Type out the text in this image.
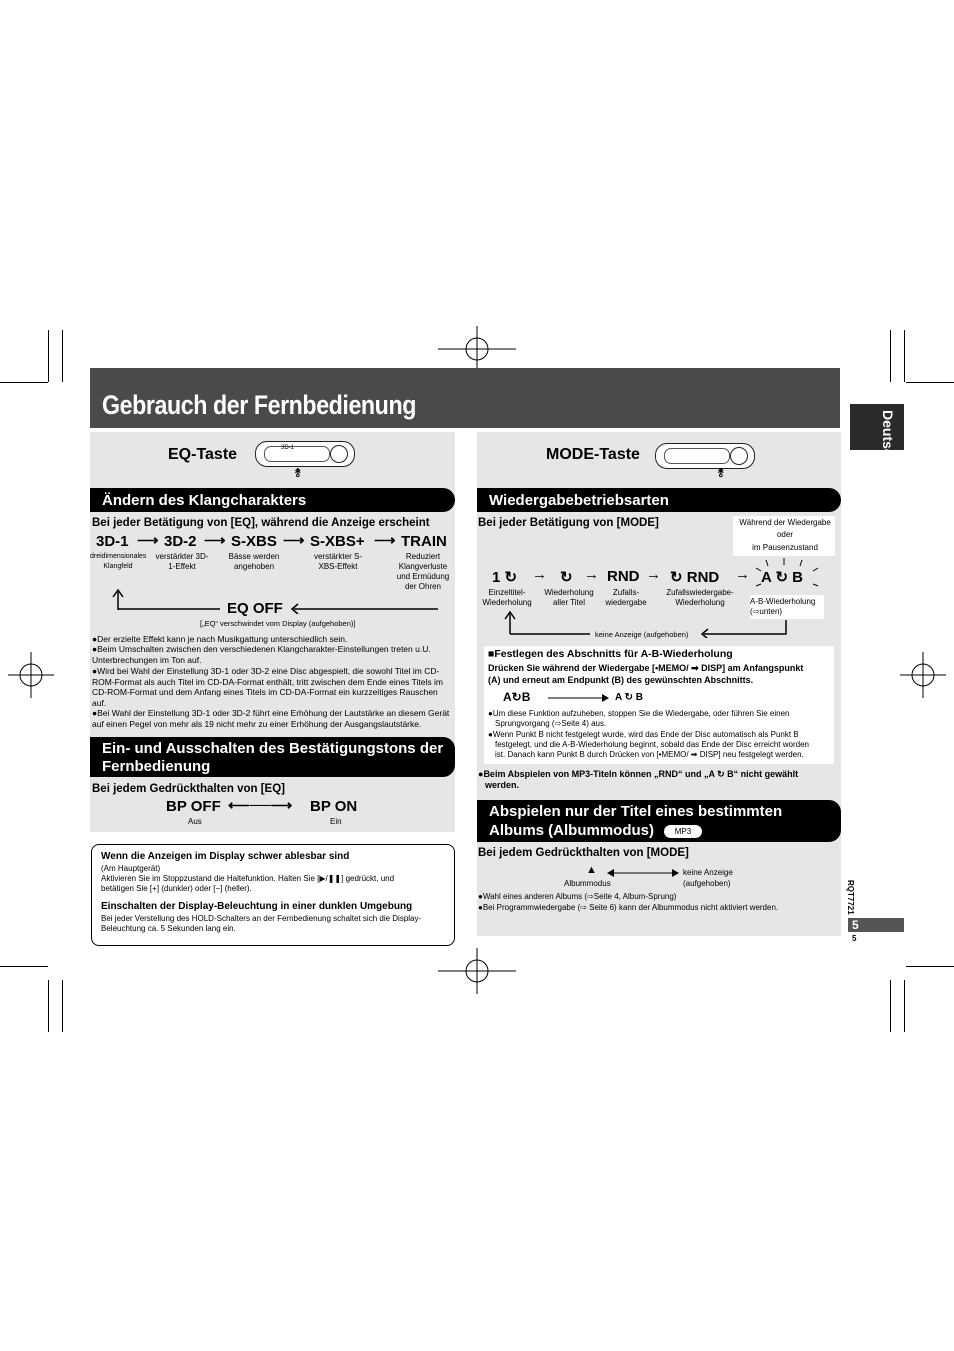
Gebrauch der Fernbedienung
Deutsch
RQT7721
5
5
EQ-Taste	3D-1
⥉
Ändern des Klangcharakters
Bei jeder Betätigung von [EQ], während die Anzeige erscheint
3D-1 ⟶ 3D-2 ⟶ S-XBS ⟶ S-XBS+ ⟶ TRAIN
dreidimensionales Klangfeld
verstärkter 3D-1-Effekt
Bässe werden angehoben
verstärkter S-XBS-Effekt
Reduziert Klangverluste und Ermüdung der Ohren
EQ OFF
[„EQ“ verschwindet vom Display (aufgehoben)]
●Der erzielte Effekt kann je nach Musikgattung unterschiedlich sein.
●Beim Umschalten zwischen den verschiedenen Klangcharakter-Einstellungen treten u.U. Unterbrechungen im Ton auf.
●Wird bei Wahl der Einstellung 3D-1 oder 3D-2 eine Disc abgespielt, die sowohl Titel im CD-ROM-Format als auch Titel im CD-DA-Format enthält, tritt zwischen dem Ende eines Titels im CD-ROM-Format und dem Anfang eines Titels im CD-DA-Format ein kurzzeitiges Rauschen auf.
●Bei Wahl der Einstellung 3D-1 oder 3D-2 führt eine Erhöhung der Lautstärke an diesem Gerät auf einen Pegel von mehr als 19 nicht mehr zu einer Erhöhung der Ausgangslautstärke.
Ein- und Ausschalten des Bestätigungstons der
Fernbedienung
Bei jedem Gedrückthalten von [EQ]
BP OFF ⟵──⟶ BP ON
Aus	Ein
Wenn die Anzeigen im Display schwer ablesbar sind
(Am Hauptgerät)
Aktivieren Sie im Stoppzustand die Haltefunktion. Halten Sie [▶/❚❚] gedrückt, und
betätigen Sie [+] (dunkler) oder [−] (heller).
Einschalten der Display-Beleuchtung in einer dunklen Umgebung
Bei jeder Verstellung des HOLD-Schalters an der Fernbedienung schaltet sich die Display-
Beleuchtung ca. 5 Sekunden lang ein.
MODE-Taste
⥉
Wiedergabebetriebsarten
Bei jeder Betätigung von [MODE]	Während der Wiedergabe
oder
im Pausenzustand
1 ↻ → ↻ → RND → ↻ RND → A ↻ B
Einzeltitel-Wiederholung
Wiederholung aller Titel
Zufalls-wiedergabe
Zufallswiedergabe-Wiederholung	A-B-Wiederholung (⇨unten)
keine Anzeige (aufgehoben)
■Festlegen des Abschnitts für A-B-Wiederholung
Drücken Sie während der Wiedergabe [•MEMO/ ➡ DISP] am Anfangspunkt
(A) und erneut am Endpunkt (B) des gewünschten Abschnitts.
A↻B	A ↻ B
●Um diese Funktion aufzuheben, stoppen Sie die Wiedergabe, oder führen Sie einen
Sprungvorgang (⇨Seite 4) aus.
●Wenn Punkt B nicht festgelegt wurde, wird das Ende der Disc automatisch als Punkt B
festgelegt, und die A-B-Wiederholung beginnt, sobald das Ende der Disc erreicht worden
ist. Danach kann Punkt B durch Drücken von [•MEMO/ ➡ DISP] neu festgelegt werden.
●Beim Abspielen von MP3-Titeln können „RND“ und „A ↻ B“ nicht gewählt
werden.
Abspielen nur der Titel eines bestimmten
Albums (Albummodus)	MP3
Bei jedem Gedrückthalten von [MODE]
▲
Albummodus
keine Anzeige
(aufgehoben)
●Wahl eines anderen Albums (⇨Seite 4, Album-Sprung)
●Bei Programmwiedergabe (⇨ Seite 6) kann der Albummodus nicht aktiviert werden.
